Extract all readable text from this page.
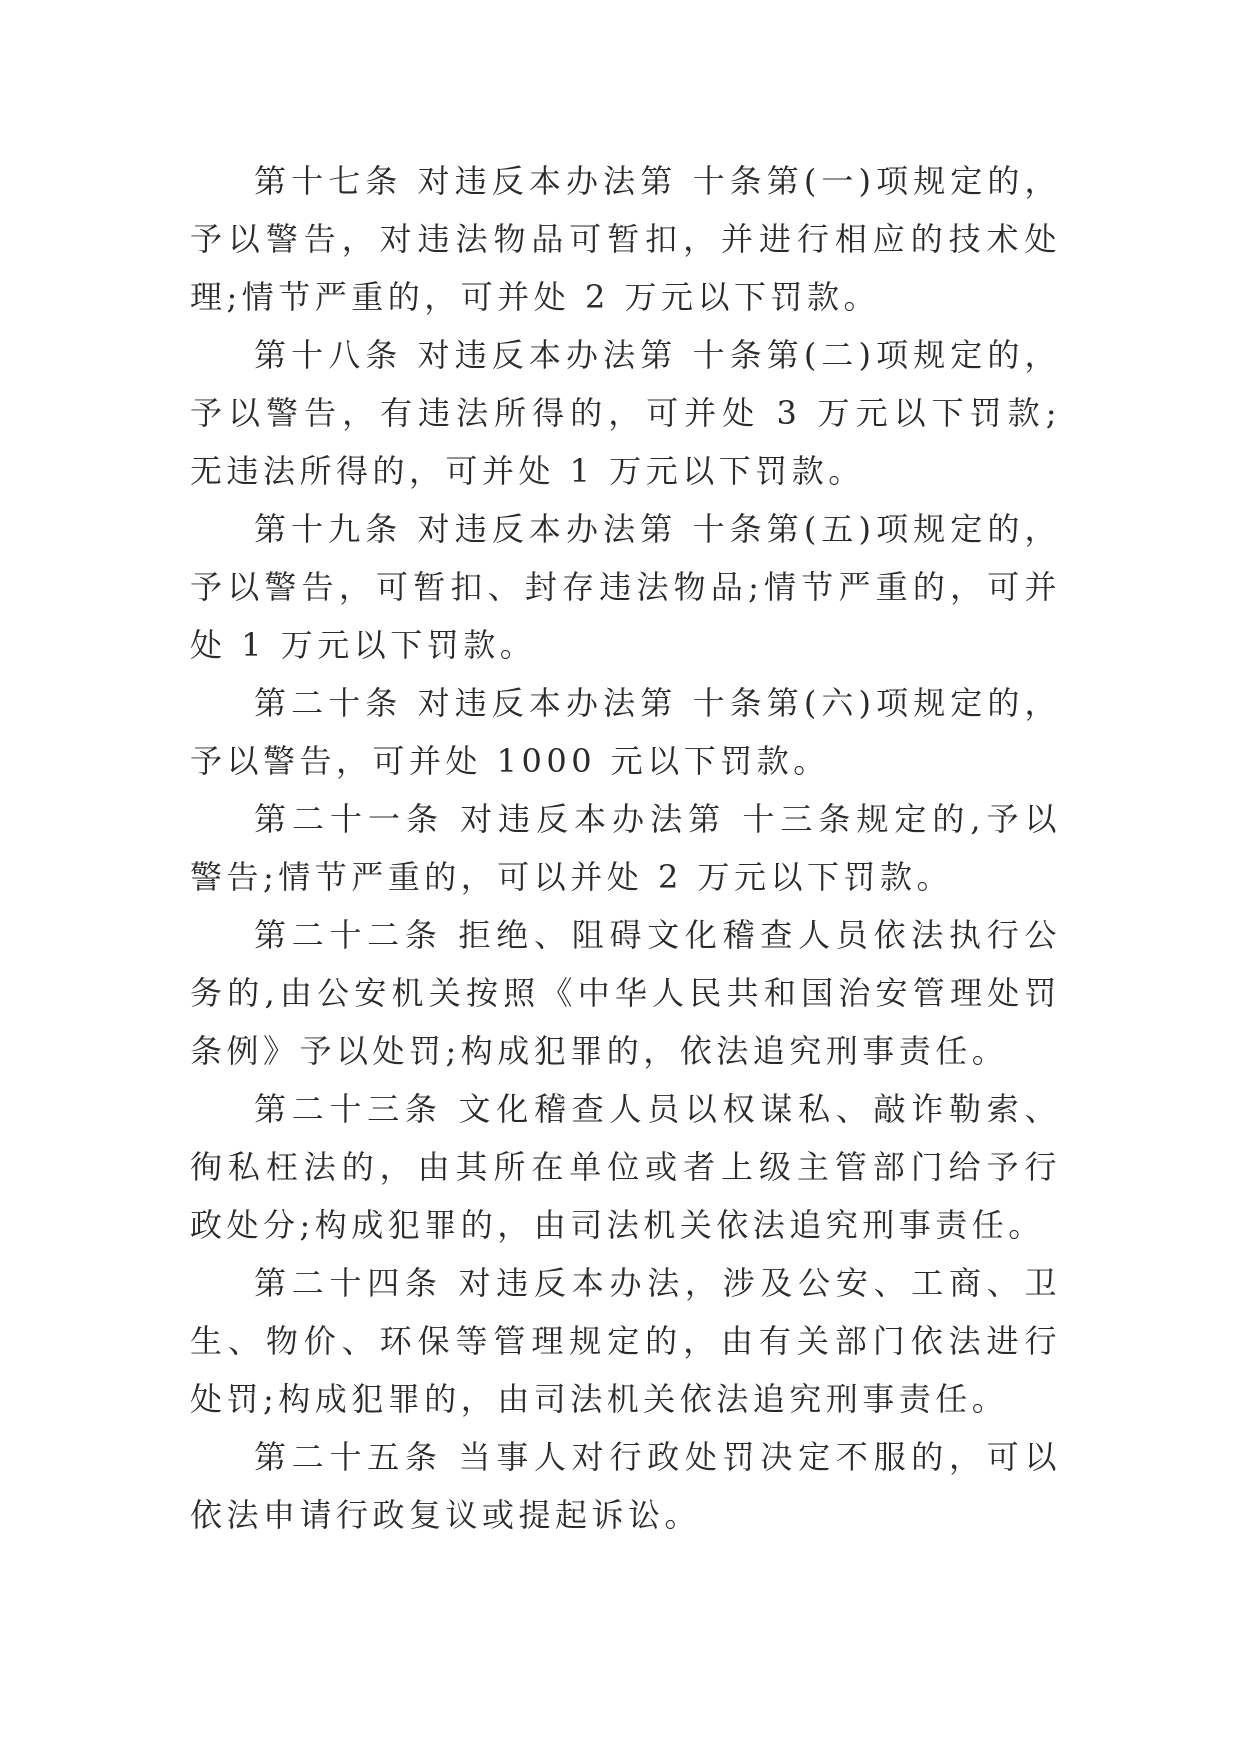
第十七条 对违反本办法第 十条第(一)项规定的，予以警告，对违法物品可暂扣，并进行相应的技术处理;情节严重的，可并处 2 万元以下罚款。

第十八条 对违反本办法第 十条第(二)项规定的，予以警告，有违法所得的，可并处 3 万元以下罚款;无违法所得的，可并处 1 万元以下罚款。

第十九条 对违反本办法第 十条第(五)项规定的，予以警告，可暂扣、封存违法物品;情节严重的，可并处 1 万元以下罚款。

第二十条 对违反本办法第 十条第(六)项规定的，予以警告，可并处 1000 元以下罚款。

第二十一条 对违反本办法第 十三条规定的,予以警告;情节严重的，可以并处 2 万元以下罚款。

第二十二条 拒绝、阻碍文化稽查人员依法执行公务的,由公安机关按照《中华人民共和国治安管理处罚条例》予以处罚;构成犯罪的，依法追究刑事责任。

第二十三条 文化稽查人员以权谋私、敲诈勒索、徇私枉法的，由其所在单位或者上级主管部门给予行政处分;构成犯罪的，由司法机关依法追究刑事责任。

第二十四条 对违反本办法，涉及公安、工商、卫生、物价、环保等管理规定的，由有关部门依法进行处罚;构成犯罪的，由司法机关依法追究刑事责任。

第二十五条 当事人对行政处罚决定不服的，可以依法申请行政复议或提起诉讼。
